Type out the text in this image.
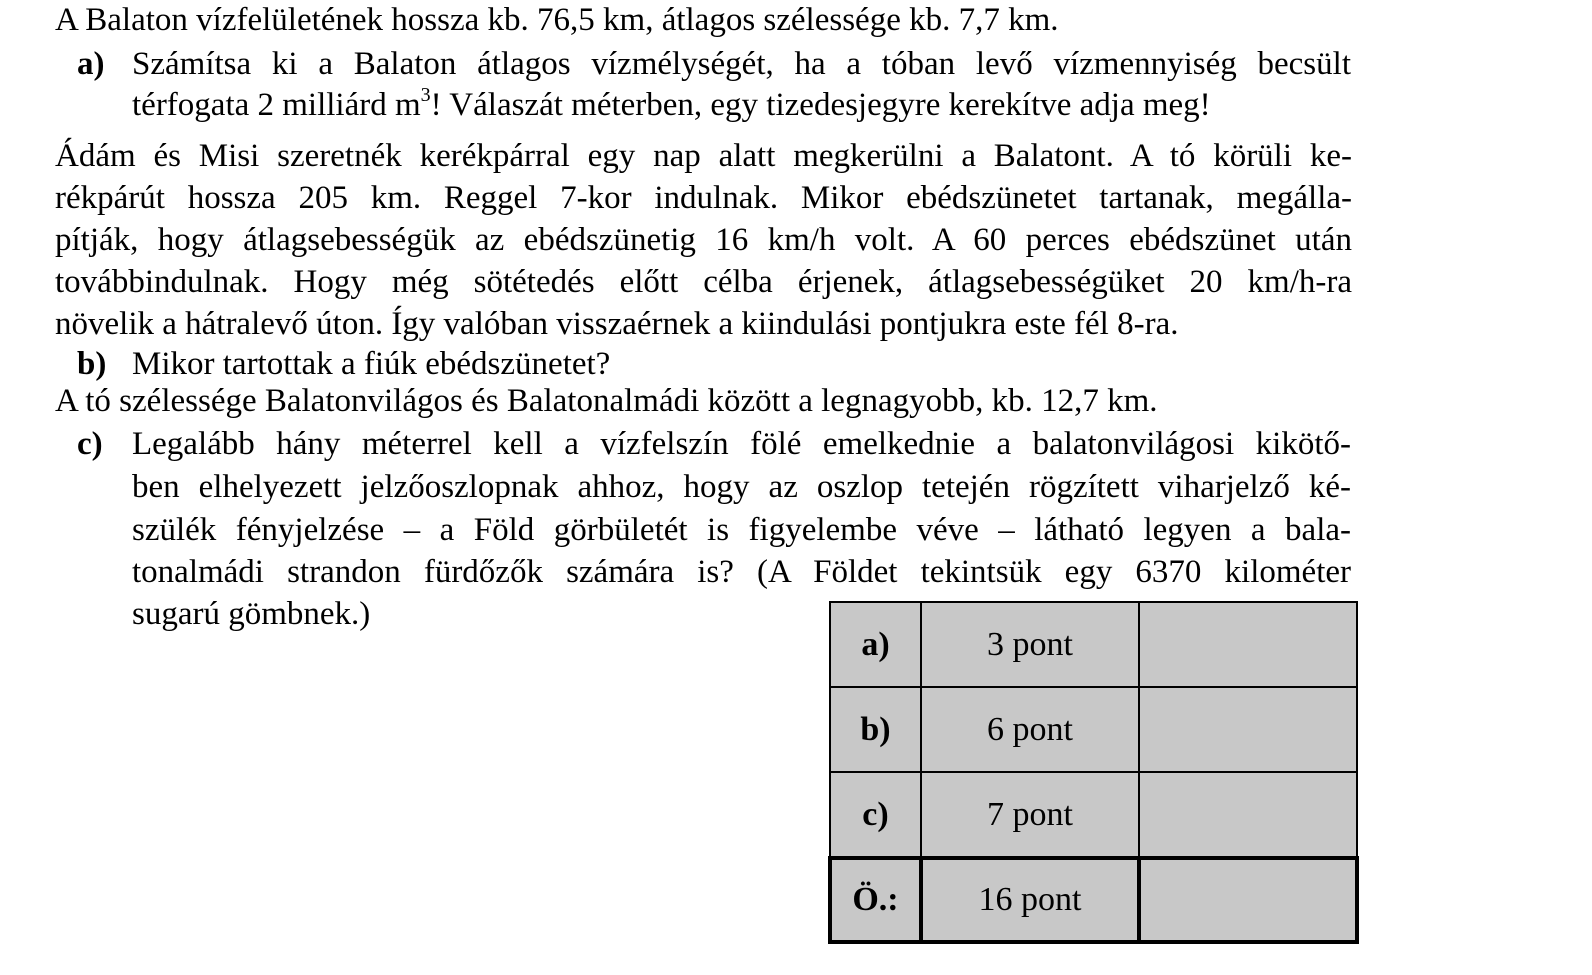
A Balaton vízfelületének hossza kb. 76,5 km, átlagos szélessége kb. 7,7 km.
a) Számítsa ki a Balaton átlagos vízmélységét, ha a tóban levő vízmennyiség becsült
térfogata 2 milliárd $m^3$! Válaszát méterben, egy tizedesjegyre kerekítve adja meg!
Ádám és Misi szeretnék kerékpárral egy nap alatt megkerülni a Balatont. A tó körüli ke-
rékpárút hossza 205 km. Reggel 7-kor indulnak. Mikor ebédszünetet tartanak, megálla-
pítják, hogy átlagsebességük az ebédszünetig 16 km/h volt. A 60 perces ebédszünet után
továbbindulnak. Hogy még sötétedés előtt célba érjenek, átlagsebességüket 20 km/h-ra
növelik a hátralevő úton. Így valóban visszaérnek a kiindulási pontjukra este fél 8-ra.
b) Mikor tartottak a fiúk ebédszünetet?
A tó szélessége Balatonvilágos és Balatonalmádi között a legnagyobb, kb. 12,7 km.
c) Legalább hány méterrel kell a vízfelszín fölé emelkednie a balatonvilágosi kikötő-
ben elhelyezett jelzőoszlopnak ahhoz, hogy az oszlop tetején rögzített viharjelző ké-
szülék fényjelzése – a Föld görbületét is figyelembe véve – látható legyen a bala-
tonalmádi strandon fürdőzők számára is? (A Földet tekintsük egy 6370 kilométer
sugarú gömbnek.)
a)	3 pont	
b)	6 pont	
c)	7 pont	
Ö.:	16 pont	
